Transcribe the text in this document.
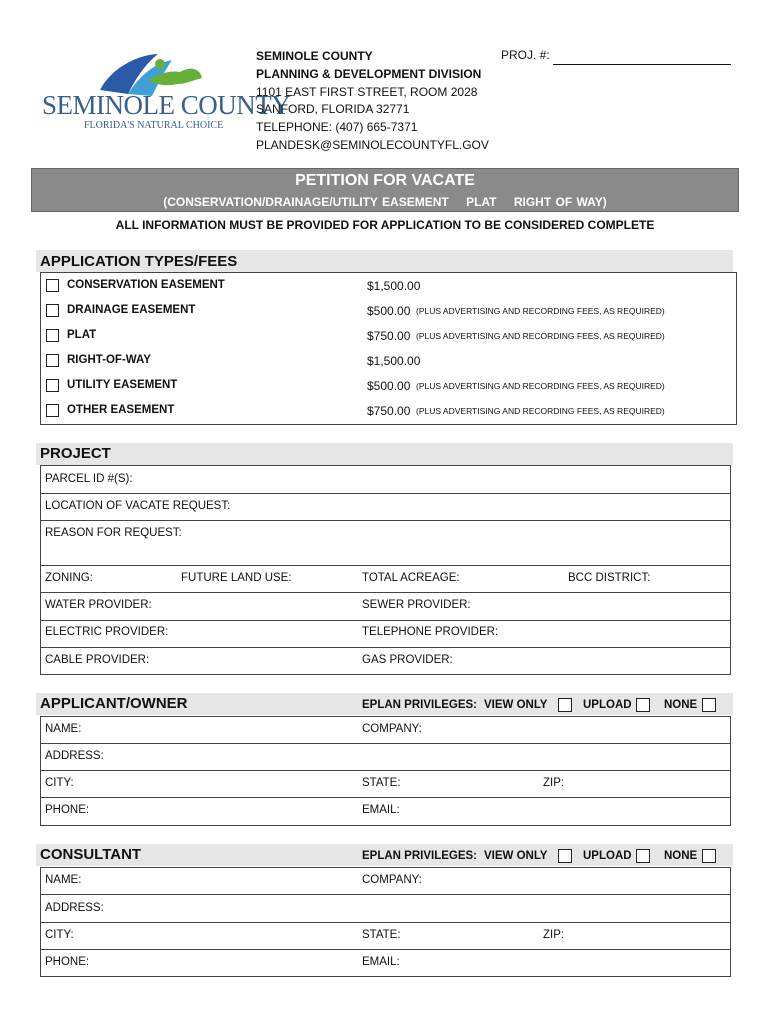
SEMINOLE COUNTY
FLORIDA'S NATURAL CHOICE
SEMINOLE COUNTY
PLANNING & DEVELOPMENT DIVISION
1101 EAST FIRST STREET, ROOM 2028
SANFORD, FLORIDA 32771
TELEPHONE: (407) 665-7371
PLANDESK@SEMINOLECOUNTYFL.GOV
PROJ. #:
PETITION FOR VACATE
(CONSERVATION/DRAINAGE/UTILITY EASEMENT    PLAT    RIGHT OF WAY)
ALL INFORMATION MUST BE PROVIDED FOR APPLICATION TO BE CONSIDERED COMPLETE
APPLICATION TYPES/FEES
CONSERVATION EASEMENT	$1,500.00
DRAINAGE EASEMENT	$500.00 (PLUS ADVERTISING AND RECORDING FEES, AS REQUIRED)
PLAT	$750.00 (PLUS ADVERTISING AND RECORDING FEES, AS REQUIRED)
RIGHT-OF-WAY	$1,500.00
UTILITY EASEMENT	$500.00 (PLUS ADVERTISING AND RECORDING FEES, AS REQUIRED)
OTHER EASEMENT	$750.00 (PLUS ADVERTISING AND RECORDING FEES, AS REQUIRED)
PROJECT
PARCEL ID #(S):
LOCATION OF VACATE REQUEST:
REASON FOR REQUEST:
ZONING:	FUTURE LAND USE:	TOTAL ACREAGE:	BCC DISTRICT:
WATER PROVIDER:	SEWER PROVIDER:
ELECTRIC PROVIDER:	TELEPHONE PROVIDER:
CABLE PROVIDER:	GAS PROVIDER:
APPLICANT/OWNER	EPLAN PRIVILEGES: VIEW ONLY	UPLOAD	NONE
NAME:	COMPANY:
ADDRESS:
CITY:	STATE:	ZIP:
PHONE:	EMAIL:
CONSULTANT	EPLAN PRIVILEGES: VIEW ONLY	UPLOAD	NONE
NAME:	COMPANY:
ADDRESS:
CITY:	STATE:	ZIP:
PHONE:	EMAIL:
